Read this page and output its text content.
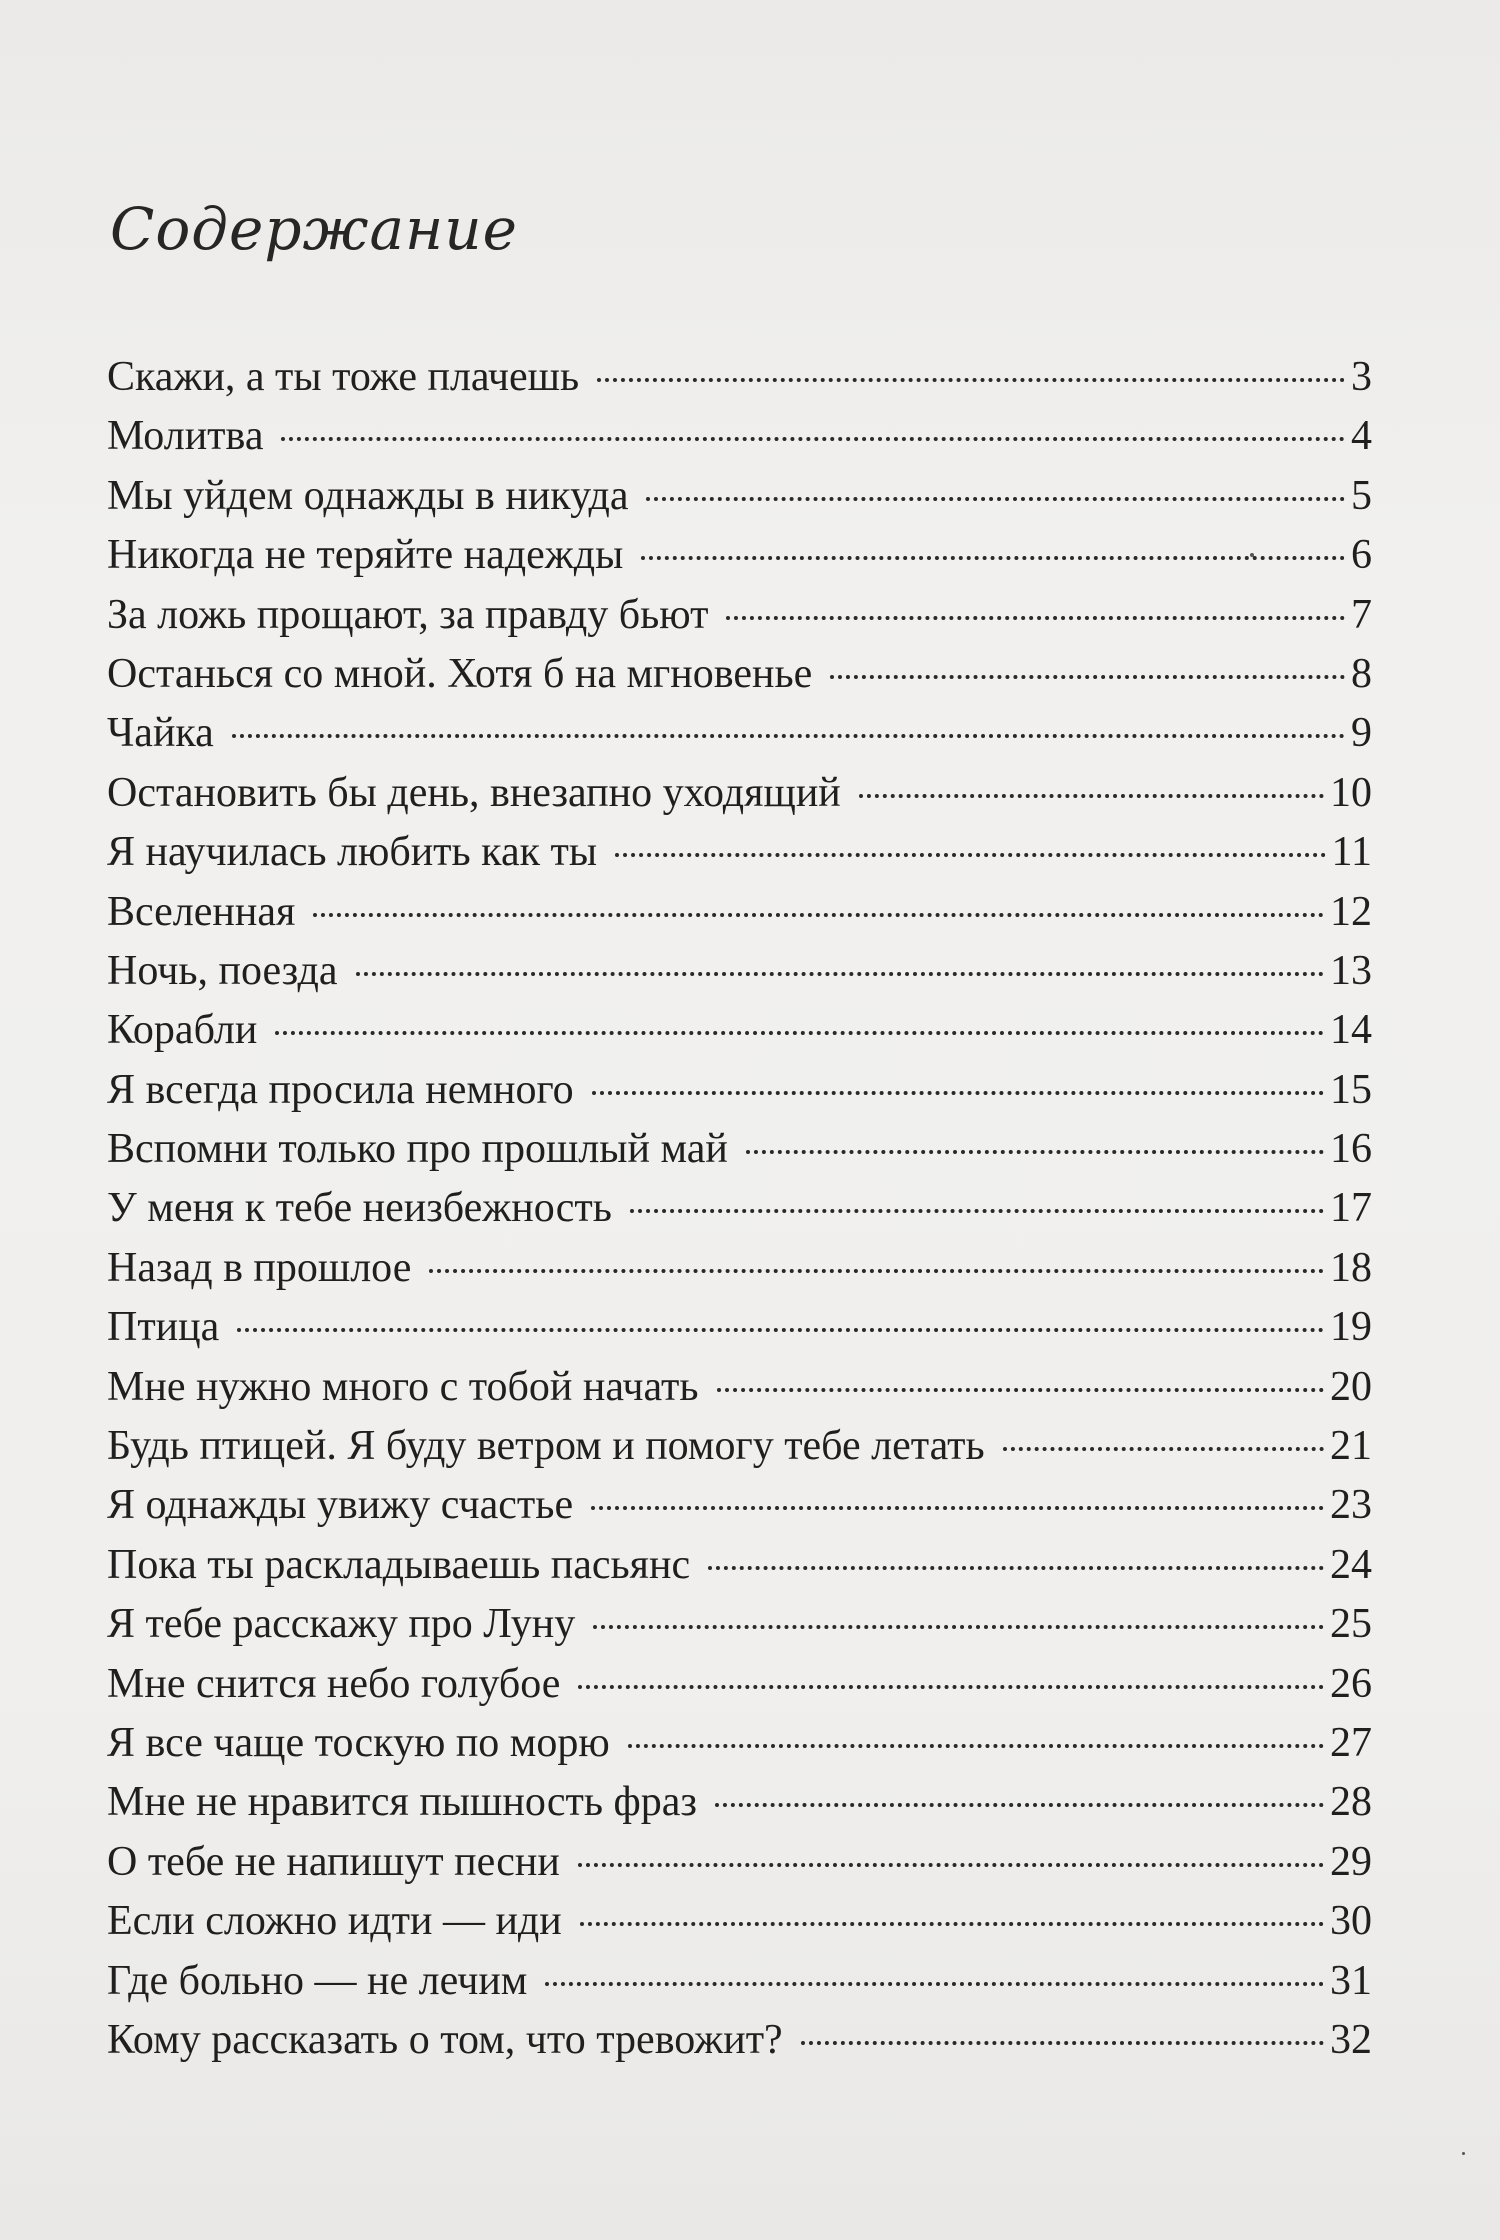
Содержание
Скажи, а ты тоже плачешь	3
Молитва	4
Мы уйдем однажды в никуда	5
Никогда не теряйте надежды	6
За ложь прощают, за правду бьют	7
Останься со мной. Хотя б на мгновенье	8
Чайка	9
Остановить бы день, внезапно уходящий	10
Я научилась любить как ты	11
Вселенная	12
Ночь, поезда	13
Корабли	14
Я всегда просила немного	15
Вспомни только про прошлый май	16
У меня к тебе неизбежность	17
Назад в прошлое	18
Птица	19
Мне нужно много с тобой начать	20
Будь птицей. Я буду ветром и помогу тебе летать	21
Я однажды увижу счастье	23
Пока ты раскладываешь пасьянс	24
Я тебе расскажу про Луну	25
Мне снится небо голубое	26
Я все чаще тоскую по морю	27
Мне не нравится пышность фраз	28
О тебе не напишут песни	29
Если сложно идти — иди	30
Где больно — не лечим	31
Кому рассказать о том, что тревожит?	32
